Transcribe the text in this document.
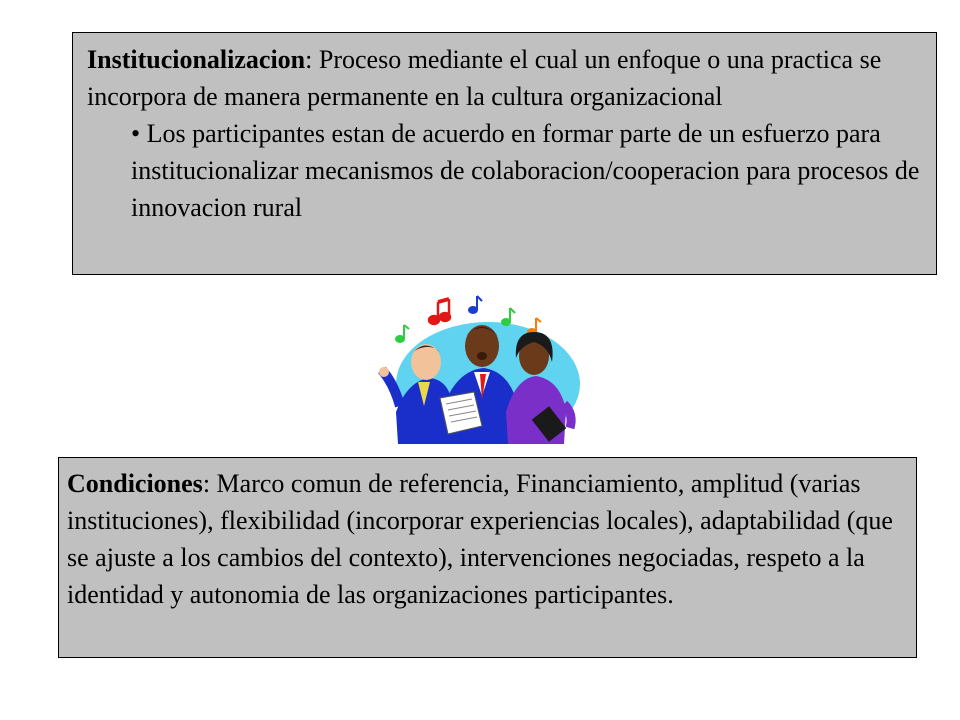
Institucionalizacion: Proceso mediante el cual un enfoque o una practica se incorpora de manera permanente en la cultura organizacional

• Los participantes estan de acuerdo en formar parte de un esfuerzo para institucionalizar mecanismos de colaboracion/cooperacion para procesos de innovacion rural

Condiciones: Marco comun de referencia, Financiamiento, amplitud (varias instituciones), flexibilidad (incorporar experiencias locales), adaptabilidad (que se ajuste a los cambios del contexto), intervenciones negociadas, respeto a la identidad y autonomia de las organizaciones participantes.
